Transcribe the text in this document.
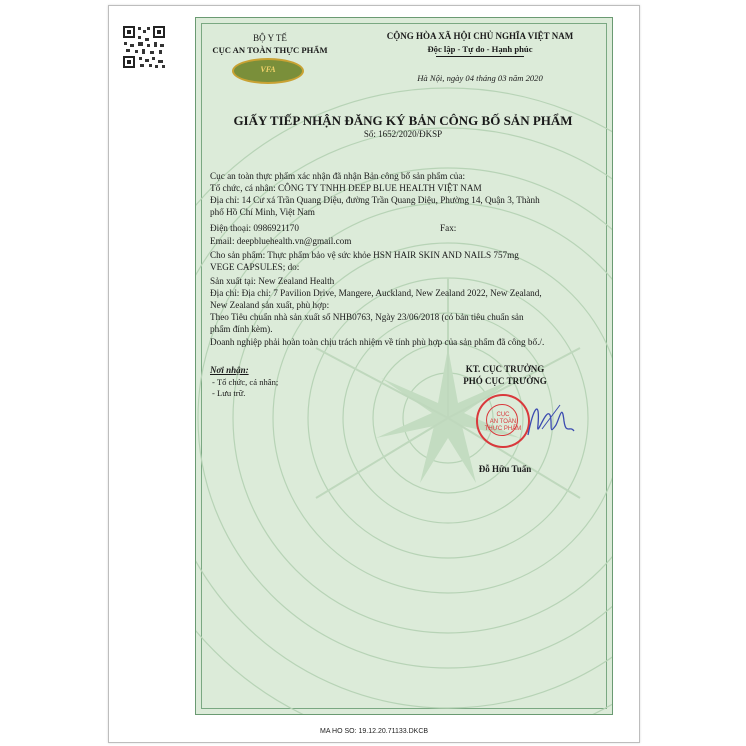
BỘ Y TẾ
CỤC AN TOÀN THỰC PHẨM
VFA
CỘNG HÒA XÃ HỘI CHỦ NGHĨA VIỆT NAM
Độc lập - Tự do - Hạnh phúc
Hà Nội, ngày 04 tháng 03 năm 2020
GIẤY TIẾP NHẬN ĐĂNG KÝ BẢN CÔNG BỐ SẢN PHẨM
Số: 1652/2020/ĐKSP
Cục an toàn thực phẩm xác nhận đã nhận Bản công bố sản phẩm của:
Tổ chức, cá nhân: CÔNG TY TNHH DEEP BLUE HEALTH VIỆT NAM
Địa chỉ: 14 Cư xá Trần Quang Diệu, đường Trần Quang Diệu, Phường 14, Quận 3, Thành
phố Hồ Chí Minh, Việt Nam
Điện thoại: 0986921170	Fax:
Email: deepbluehealth.vn@gmail.com
Cho sản phẩm: Thực phẩm bảo vệ sức khỏe HSN HAIR SKIN AND NAILS 757mg
VEGE CAPSULES; do:
Sản xuất tại: New Zealand Health
Địa chỉ: Địa chỉ: 7 Pavilion Drive, Mangere, Auckland, New Zealand 2022, New Zealand,
New Zealand sản xuất, phù hợp:
Theo Tiêu chuẩn nhà sản xuất số NHB0763, Ngày 23/06/2018 (có bản tiêu chuẩn sản
phẩm đính kèm).
Doanh nghiệp phải hoàn toàn chịu trách nhiệm về tính phù hợp của sản phẩm đã công bố./.
Nơi nhận:
- Tổ chức, cá nhân;
- Lưu trữ.
KT. CỤC TRƯỞNG
PHÓ CỤC TRƯỞNG
CỤC
AN TOÀN
THỰC PHẨM
Đỗ Hữu Tuấn
MA HO SO: 19.12.20.71133.DKCB
